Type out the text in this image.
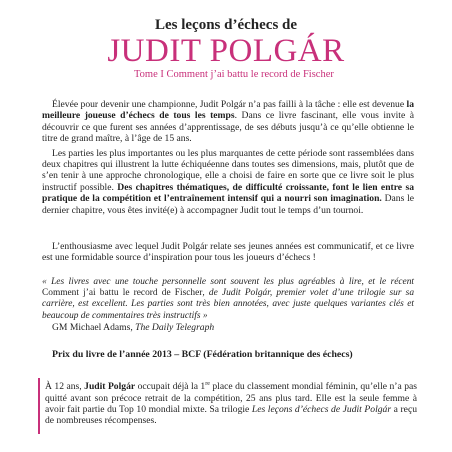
Les leçons d’échecs de
JUDIT POLGÁR
Tome I Comment j’ai battu le record de Fischer

Élevée pour devenir une championne, Judit Polgár n’a pas failli à la tâche : elle est devenue la meilleure joueuse d’échecs de tous les temps. Dans ce livre fascinant, elle vous invite à découvrir ce que furent ses années d’apprentissage, de ses débuts jusqu’à ce qu’elle obtienne le titre de grand maître, à l’âge de 15 ans.

Les parties les plus importantes ou les plus marquantes de cette période sont rassemblées dans deux chapitres qui illustrent la lutte échiquéenne dans toutes ses dimensions, mais, plutôt que de s’en tenir à une approche chronologique, elle a choisi de faire en sorte que ce livre soit le plus instructif possible. Des chapitres thématiques, de difficulté croissante, font le lien entre sa pratique de la compétition et l’entraînement intensif qui a nourri son imagination. Dans le dernier chapitre, vous êtes invité(e) à accompagner Judit tout le temps d’un tournoi.

L’enthousiasme avec lequel Judit Polgár relate ses jeunes années est communicatif, et ce livre est une formidable source d’inspiration pour tous les joueurs d’échecs !

« Les livres avec une touche personnelle sont souvent les plus agréables à lire, et le récent Comment j’ai battu le record de Fischer, de Judit Polgár, premier volet d’une trilogie sur sa carrière, est excellent. Les parties sont très bien annotées, avec juste quelques variantes clés et beaucoup de commentaires très instructifs »
GM Michael Adams, The Daily Telegraph
Prix du livre de l’année 2013 – BCF (Fédération britannique des échecs)
À 12 ans, Judit Polgár occupait déjà la 1re place du classement mondial féminin, qu’elle n’a pas quitté avant son précoce retrait de la compétition, 25 ans plus tard. Elle est la seule femme à avoir fait partie du Top 10 mondial mixte. Sa trilogie Les leçons d’échecs de Judit Polgár a reçu de nombreuses récompenses.
